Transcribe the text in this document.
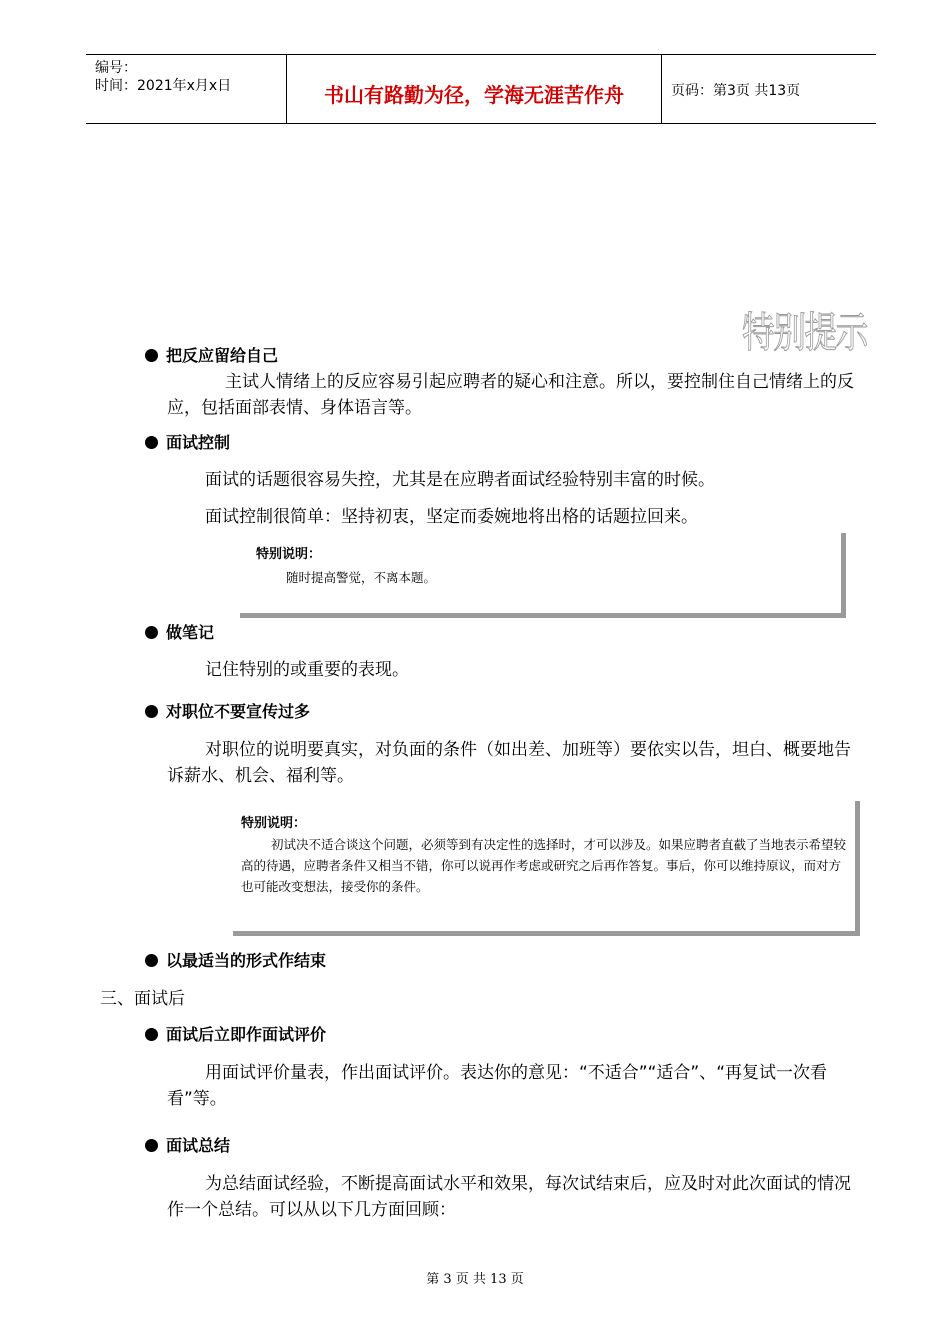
编号：
时间：2021年x月x日	书山有路勤为径，学海无涯苦作舟	页码：第3页 共13页
特别提示
把反应留给自己
主试人情绪上的反应容易引起应聘者的疑心和注意。所以，要控制住自己情绪上的反应，包括面部表情、身体语言等。
面试控制
面试的话题很容易失控，尤其是在应聘者面试经验特别丰富的时候。
面试控制很简单：坚持初衷，坚定而委婉地将出格的话题拉回来。
特别说明：
随时提高警觉，不离本题。
做笔记
记住特别的或重要的表现。
对职位不要宣传过多
对职位的说明要真实，对负面的条件（如出差、加班等）要依实以告，坦白、概要地告诉薪水、机会、福利等。
特别说明：
初试决不适合谈这个问题，必须等到有决定性的选择时，才可以涉及。如果应聘者直截了当地表示希望较高的待遇，应聘者条件又相当不错，你可以说再作考虑或研究之后再作答复。事后，你可以维持原议，而对方也可能改变想法，接受你的条件。
以最适当的形式作结束
三、面试后
面试后立即作面试评价
用面试评价量表，作出面试评价。表达你的意见：“不适合”“适合”、“再复试一次看看”等。
面试总结
为总结面试经验，不断提高面试水平和效果，每次试结束后，应及时对此次面试的情况作一个总结。可以从以下几方面回顾：
第 3 页 共 13 页
